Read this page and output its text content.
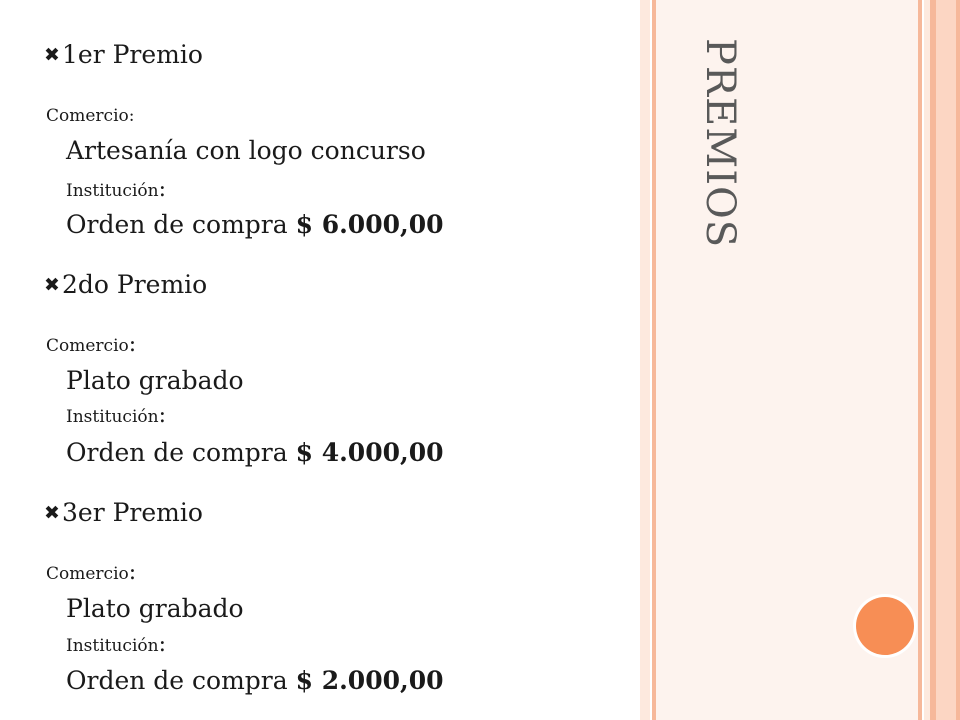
PREMIOS
✖1er Premio
Comercio:
Artesanía con logo concurso
Institución:
Orden de compra $ 6.000,00
✖2do Premio
Comercio:
Plato grabado
Institución:
Orden de compra $ 4.000,00
✖3er Premio
Comercio:
Plato grabado
Institución:
Orden de compra $ 2.000,00
